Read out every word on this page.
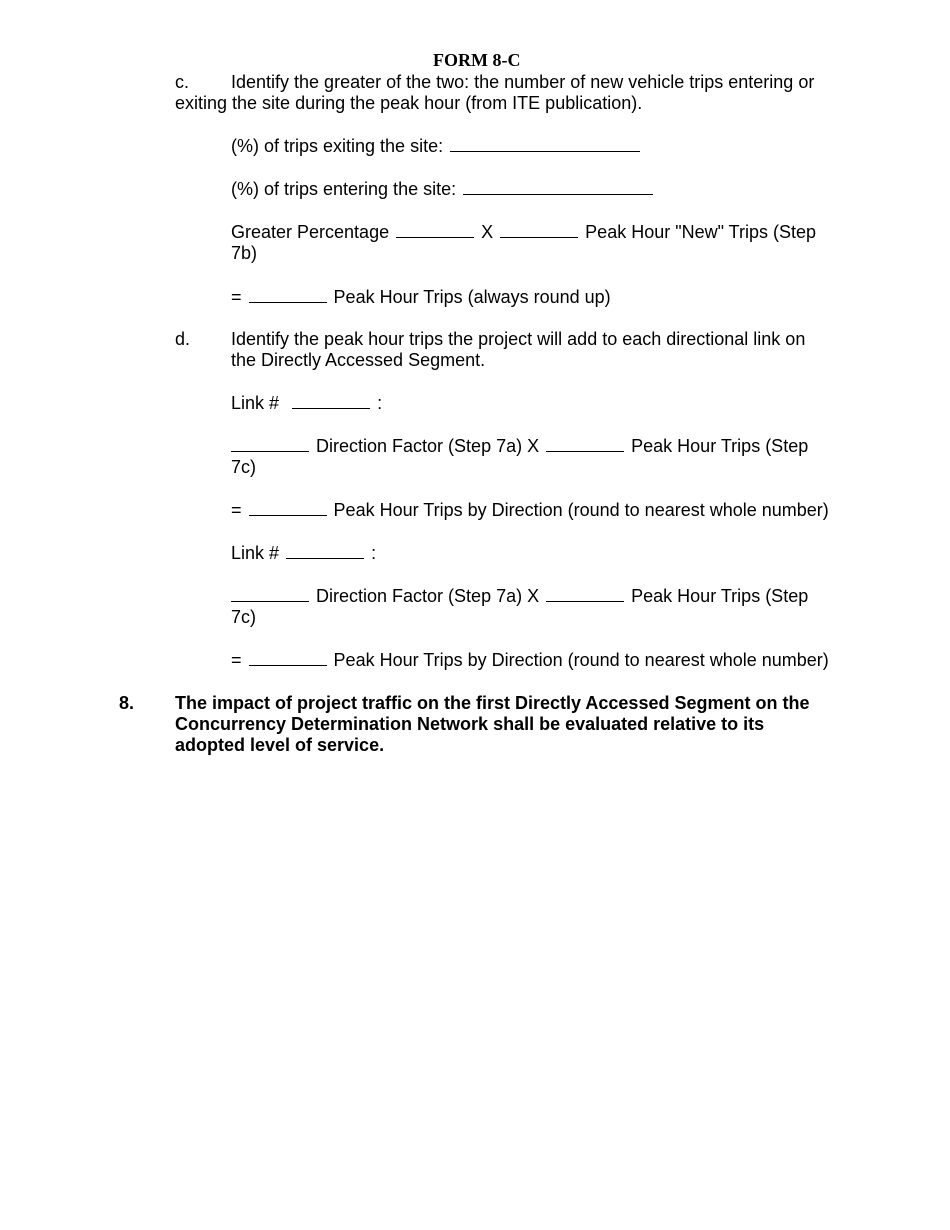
FORM 8-C
c. Identify the greater of the two: the number of new vehicle trips entering or
exiting the site during the peak hour (from ITE publication).
(%) of trips exiting the site:
(%) of trips entering the site:
Greater Percentage	X	Peak Hour "New" Trips (Step
7b)
=	Peak Hour Trips (always round up)
d. Identify the peak hour trips the project will add to each directional link on
the Directly Accessed Segment.
Link #	:
Direction Factor (Step 7a) X	Peak Hour Trips (Step
7c)
=	Peak Hour Trips by Direction (round to nearest whole number)
Link #	:
Direction Factor (Step 7a) X	Peak Hour Trips (Step
7c)
=	Peak Hour Trips by Direction (round to nearest whole number)
8. The impact of project traffic on the first Directly Accessed Segment on the
Concurrency Determination Network shall be evaluated relative to its
adopted level of service.
